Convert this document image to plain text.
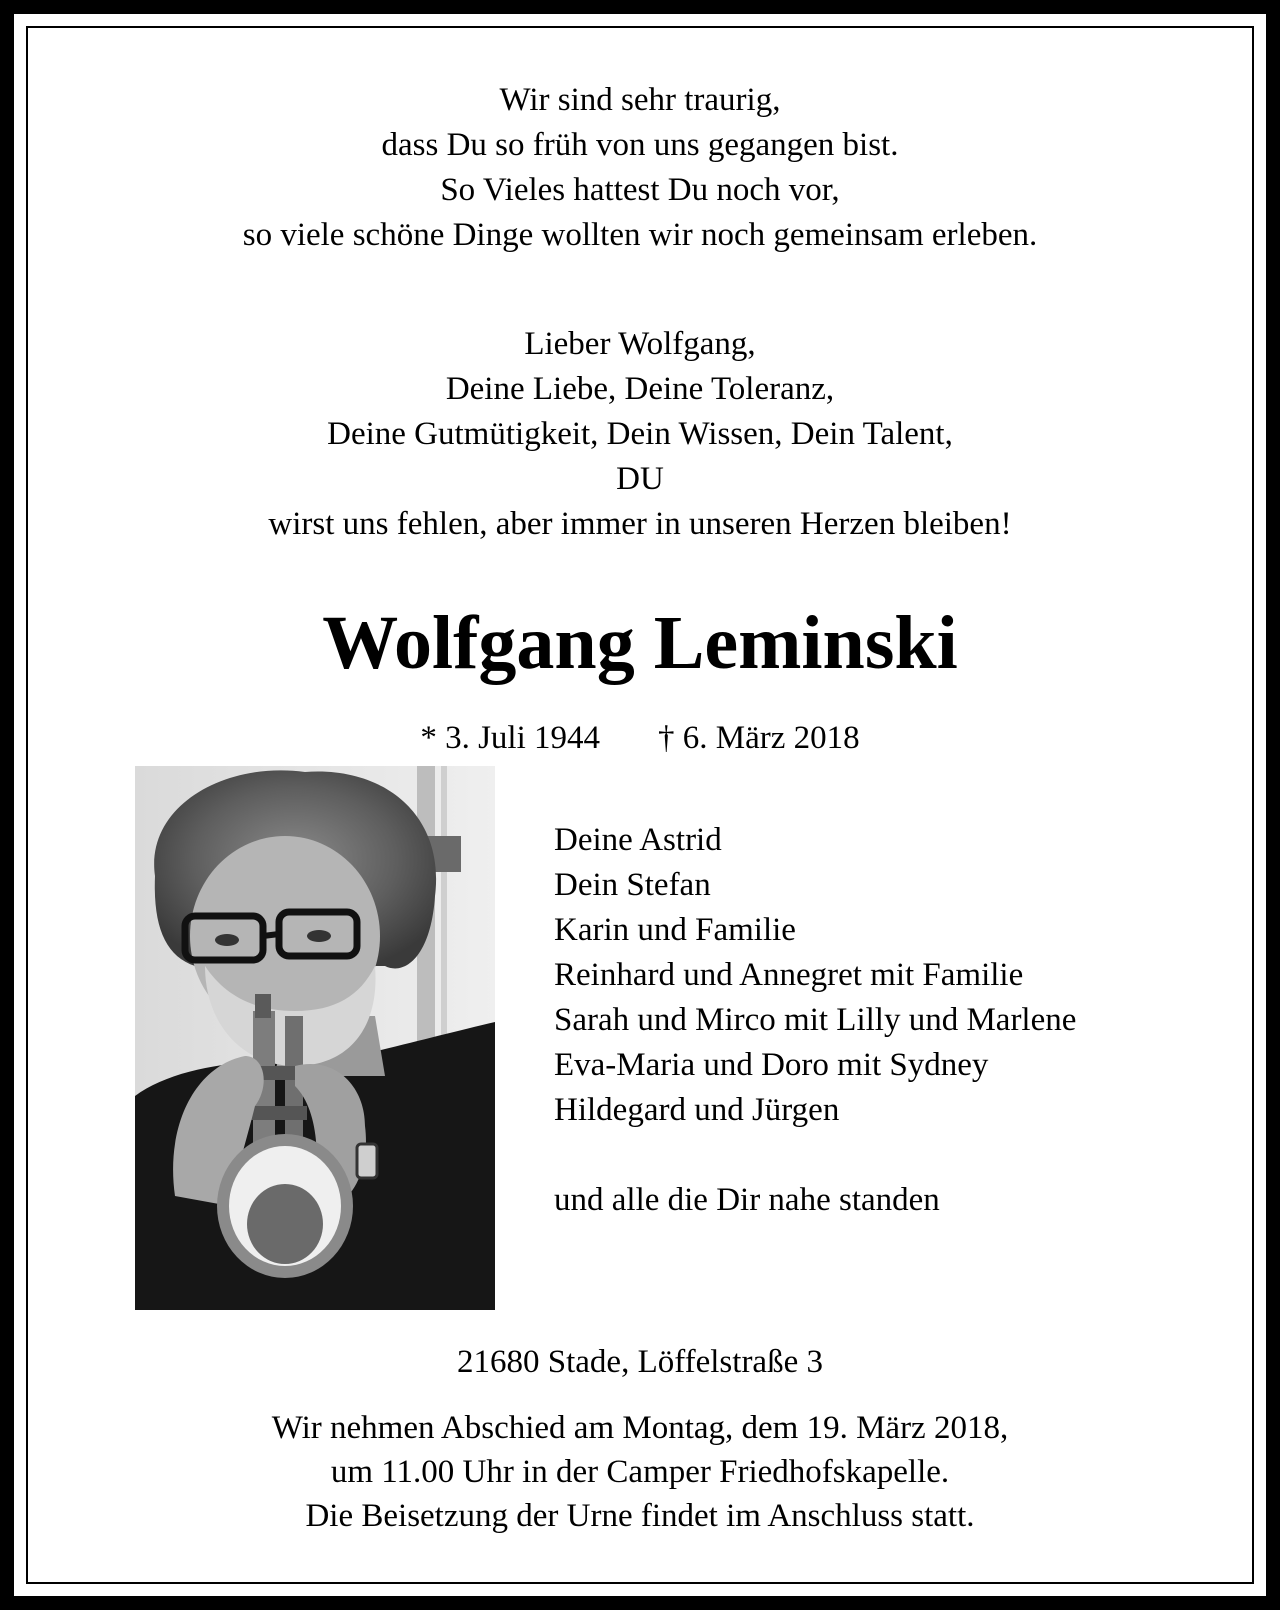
Wir sind sehr traurig,
dass Du so früh von uns gegangen bist.
So Vieles hattest Du noch vor,
so viele schöne Dinge wollten wir noch gemeinsam erleben.
Lieber Wolfgang,
Deine Liebe, Deine Toleranz,
Deine Gutmütigkeit, Dein Wissen, Dein Talent,
DU
wirst uns fehlen, aber immer in unseren Herzen bleiben!
Wolfgang Leminski
* 3. Juli 1944 † 6. März 2018
Deine Astrid
Dein Stefan
Karin und Familie
Reinhard und Annegret mit Familie
Sarah und Mirco mit Lilly und Marlene
Eva-Maria und Doro mit Sydney
Hildegard und Jürgen
und alle die Dir nahe standen
21680 Stade, Löffelstraße 3
Wir nehmen Abschied am Montag, dem 19. März 2018,
um 11.00 Uhr in der Camper Friedhofskapelle.
Die Beisetzung der Urne findet im Anschluss statt.
